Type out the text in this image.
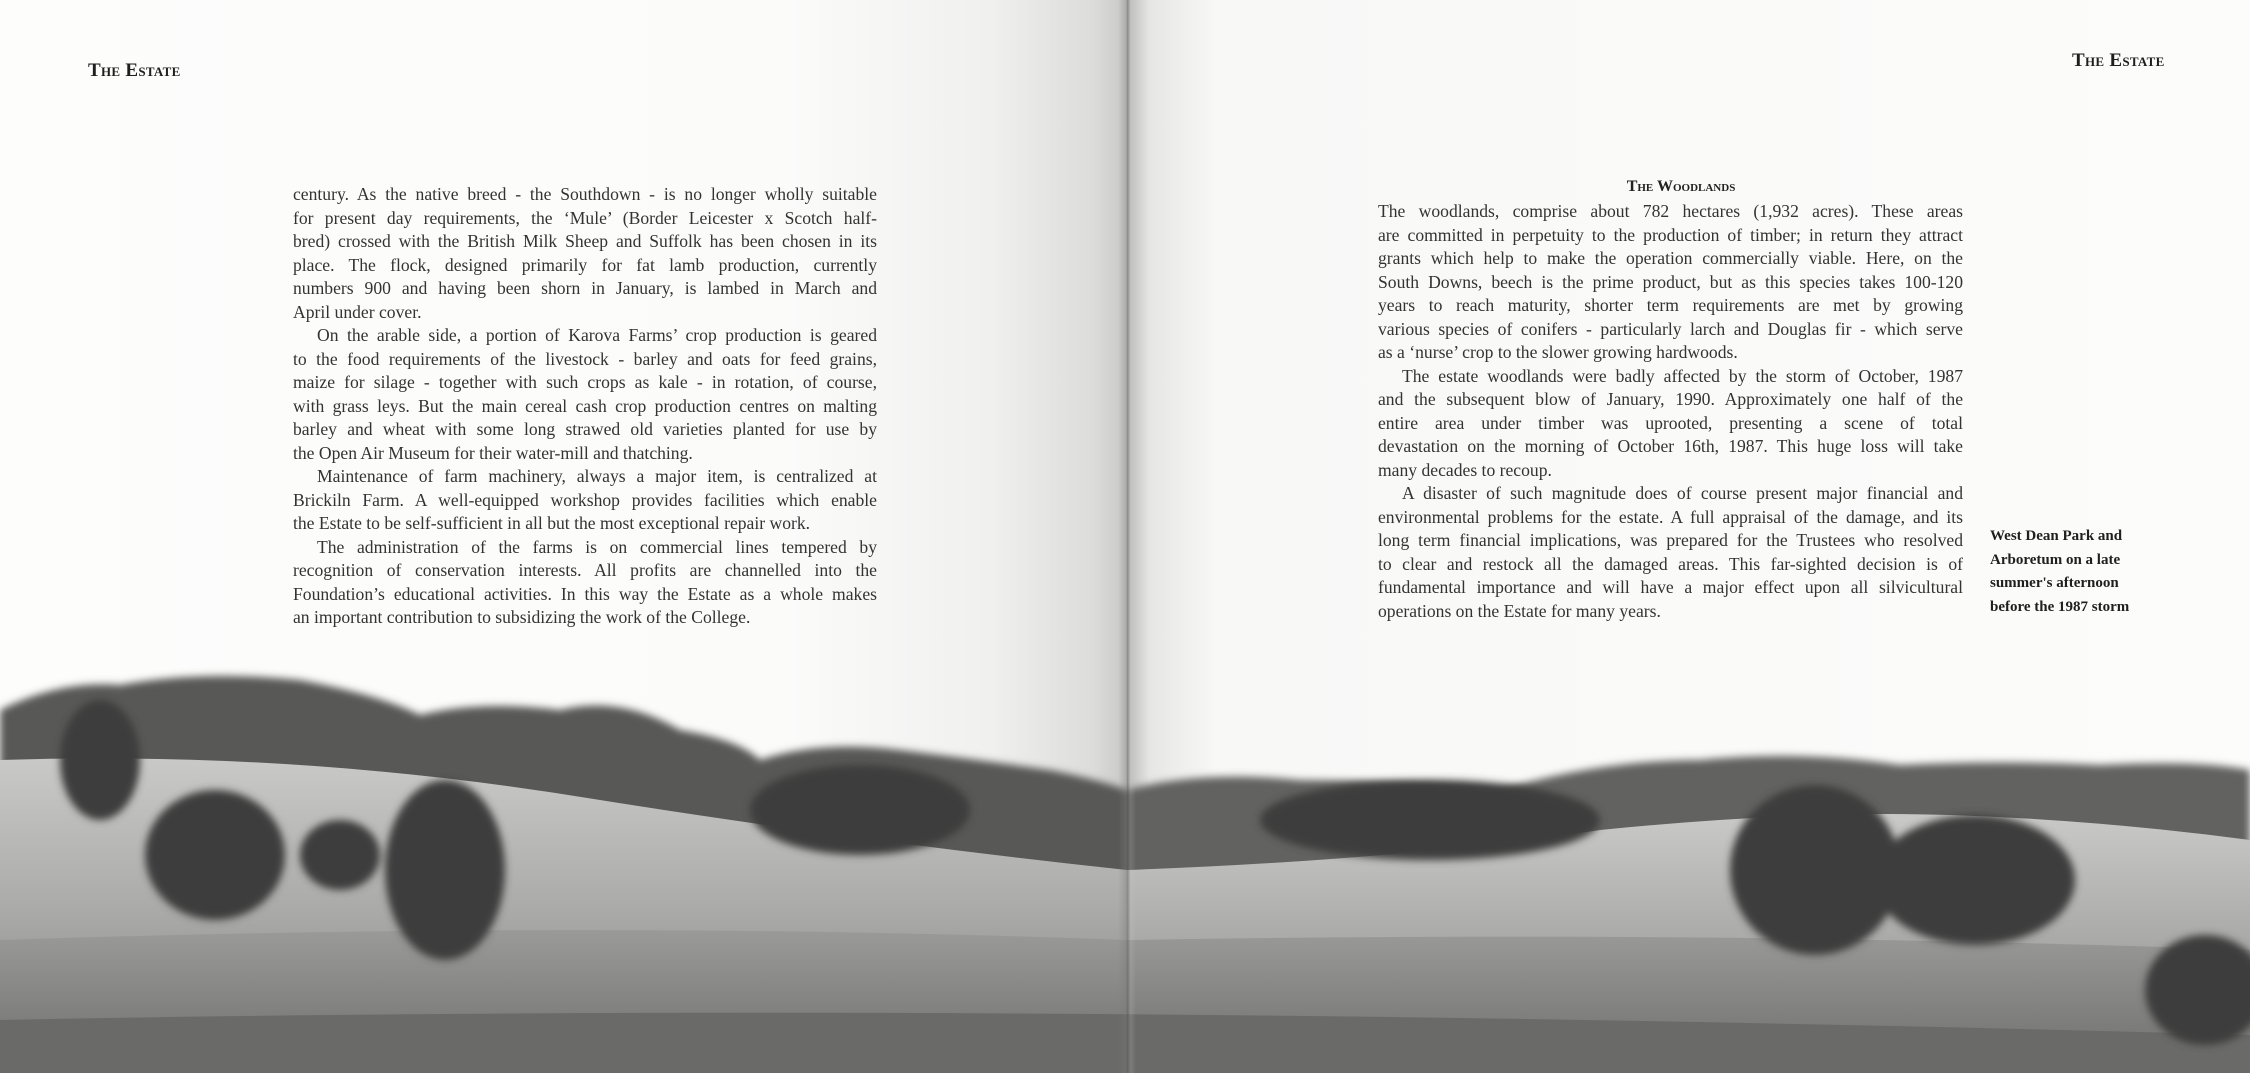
The Estate	The Estate
century. As the native breed - the Southdown - is no longer wholly suitable
for present day requirements, the ‘Mule’ (Border Leicester x Scotch half-
bred) crossed with the British Milk Sheep and Suffolk has been chosen in its
place. The flock, designed primarily for fat lamb production, currently
numbers 900 and having been shorn in January, is lambed in March and
April under cover.
On the arable side, a portion of Karova Farms’ crop production is geared
to the food requirements of the livestock - barley and oats for feed grains,
maize for silage - together with such crops as kale - in rotation, of course,
with grass leys. But the main cereal cash crop production centres on malting
barley and wheat with some long strawed old varieties planted for use by
the Open Air Museum for their water-mill and thatching.
Maintenance of farm machinery, always a major item, is centralized at
Brickiln Farm. A well-equipped workshop provides facilities which enable
the Estate to be self-sufficient in all but the most exceptional repair work.
The administration of the farms is on commercial lines tempered by
recognition of conservation interests. All profits are channelled into the
Foundation’s educational activities. In this way the Estate as a whole makes
an important contribution to subsidizing the work of the College.
The Woodlands
The woodlands, comprise about 782 hectares (1,932 acres). These areas
are committed in perpetuity to the production of timber; in return they attract
grants which help to make the operation commercially viable. Here, on the
South Downs, beech is the prime product, but as this species takes 100-120
years to reach maturity, shorter term requirements are met by growing
various species of conifers - particularly larch and Douglas fir - which serve
as a ‘nurse’ crop to the slower growing hardwoods.
The estate woodlands were badly affected by the storm of October, 1987
and the subsequent blow of January, 1990. Approximately one half of the
entire area under timber was uprooted, presenting a scene of total
devastation on the morning of October 16th, 1987. This huge loss will take
many decades to recoup.
A disaster of such magnitude does of course present major financial and
environmental problems for the estate. A full appraisal of the damage, and its
long term financial implications, was prepared for the Trustees who resolved
to clear and restock all the damaged areas. This far-sighted decision is of
fundamental importance and will have a major effect upon all silvicultural
operations on the Estate for many years.
West Dean Park and
Arboretum on a late
summer's afternoon
before the 1987 storm
